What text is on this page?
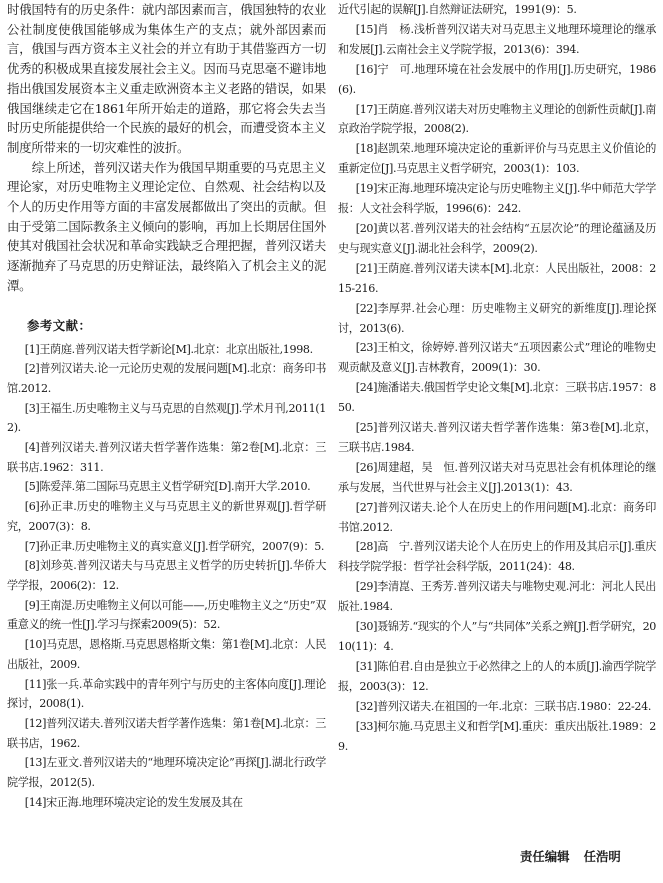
时俄国特有的历史条件：就内部因素而言，俄国独特的农业公社制度使俄国能够成为集体生产的支点；就外部因素而言，俄国与西方资本主义社会的并立有助于其借鉴西方一切优秀的积极成果直接发展社会主义。因而马克思毫不避讳地指出俄国发展资本主义重走欧洲资本主义老路的错误，如果俄国继续走它在1861年所开始走的道路，那它将会失去当时历史所能提供给一个民族的最好的机会，而遭受资本主义制度所带来的一切灾难性的波折。

综上所述，普列汉诺夫作为俄国早期重要的马克思主义理论家，对历史唯物主义理论定位、自然观、社会结构以及个人的历史作用等方面的丰富发展都做出了突出的贡献。但由于受第二国际教条主义倾向的影响，再加上长期居住国外使其对俄国社会状况和革命实践缺乏合理把握，普列汉诺夫逐渐抛弃了马克思的历史辩证法，最终陷入了机会主义的泥潭。

参考文献：

[1]王荫庭.普列汉诺夫哲学新论[M].北京：北京出版社,1998.

[2]普列汉诺夫.论一元论历史观的发展问题[M].北京：商务印书馆.2012.

[3]王福生.历史唯物主义与马克思的自然观[J].学术月刊,2011(12).

[4]普列汉诺夫.普列汉诺夫哲学著作选集：第2卷[M].北京：三联书店.1962：311.

[5]陈爱萍.第二国际马克思主义哲学研究[D].南开大学.2010.

[6]孙正聿.历史的唯物主义与马克思主义的新世界观[J].哲学研究，2007(3)：8.

[7]孙正聿.历史唯物主义的真实意义[J].哲学研究，2007(9)：5.

[8]刘珍英.普列汉诺夫与马克思主义哲学的历史转折[J].华侨大学学报，2006(2)：12.

[9]王南湜.历史唯物主义何以可能——,历史唯物主义之“历史”双重意义的统一性[J].学习与探索2009(5)：52.

[10]马克思，恩格斯.马克思恩格斯文集：第1卷[M].北京：人民出版社，2009.

[11]张一兵.革命实践中的青年列宁与历史的主客体向度[J].理论探讨，2008(1).

[12]普列汉诺夫.普列汉诺夫哲学著作选集：第1卷[M].北京：三联书店，1962.

[13]左亚文.普列汉诺夫的“地理环境决定论”再探[J].湖北行政学院学报，2012(5).

[14]宋正海.地理环境决定论的发生发展及其在

近代引起的误解[J].自然辩证法研究，1991(9)：5.

[15]肖　杨.浅析普列汉诺夫对马克思主义地理环境理论的继承和发展[J].云南社会主义学院学报，2013(6)：394.

[16]宁　可.地理环境在社会发展中的作用[J].历史研究，1986(6).

[17]王荫庭.普列汉诺夫对历史唯物主义理论的创新性贡献[J].南京政治学院学报，2008(2).

[18]赵凯荣.地理环境决定论的重新评价与马克思主义价值论的重新定位[J].马克思主义哲学研究，2003(1)：103.

[19]宋正海.地理环境决定论与历史唯物主义[J].华中师范大学学报：人文社会科学版，1996(6)：242.

[20]黄以茗.普列汉诺夫的社会结构“五层次论”的理论蕴涵及历史与现实意义[J].湖北社会科学，2009(2).

[21]王荫庭.普列汉诺夫读本[M].北京：人民出版社，2008：215-216.

[22]李厚羿.社会心理：历史唯物主义研究的新维度[J].理论探讨，2013(6).

[23]王柏文，徐婷婷.普列汉诺夫“五项因素公式”理论的唯物史观贡献及意义[J].吉林教育，2009(1)：30.

[24]施潘诺夫.俄国哲学史论文集[M].北京：三联书店.1957：850.

[25]普列汉诺夫.普列汉诺夫哲学著作选集：第3卷[M].北京，三联书店.1984.

[26]周建超，吴　恒.普列汉诺夫对马克思社会有机体理论的继承与发展，当代世界与社会主义[J].2013(1)：43.

[27]普列汉诺夫.论个人在历史上的作用问题[M].北京：商务印书馆.2012.

[28]高　宁.普列汉诺夫论个人在历史上的作用及其启示[J].重庆科技学院学报：哲学社会科学版，2011(24)：48.

[29]李清崑、王秀芳.普列汉诺夫与唯物史观.河北：河北人民出版社.1984.

[30]聂锦芳.“现实的个人”与“共同体”关系之辨[J].哲学研究，2010(11)：4.

[31]陈伯君.自由是独立于必然律之上的人的本质[J].渝西学院学报，2003(3)：12.

[32]普列汉诺夫.在祖国的一年.北京：三联书店.1980：22-24.

[33]柯尔施.马克思主义和哲学[M].重庆：重庆出版社.1989：29.

责任编辑 任浩明
